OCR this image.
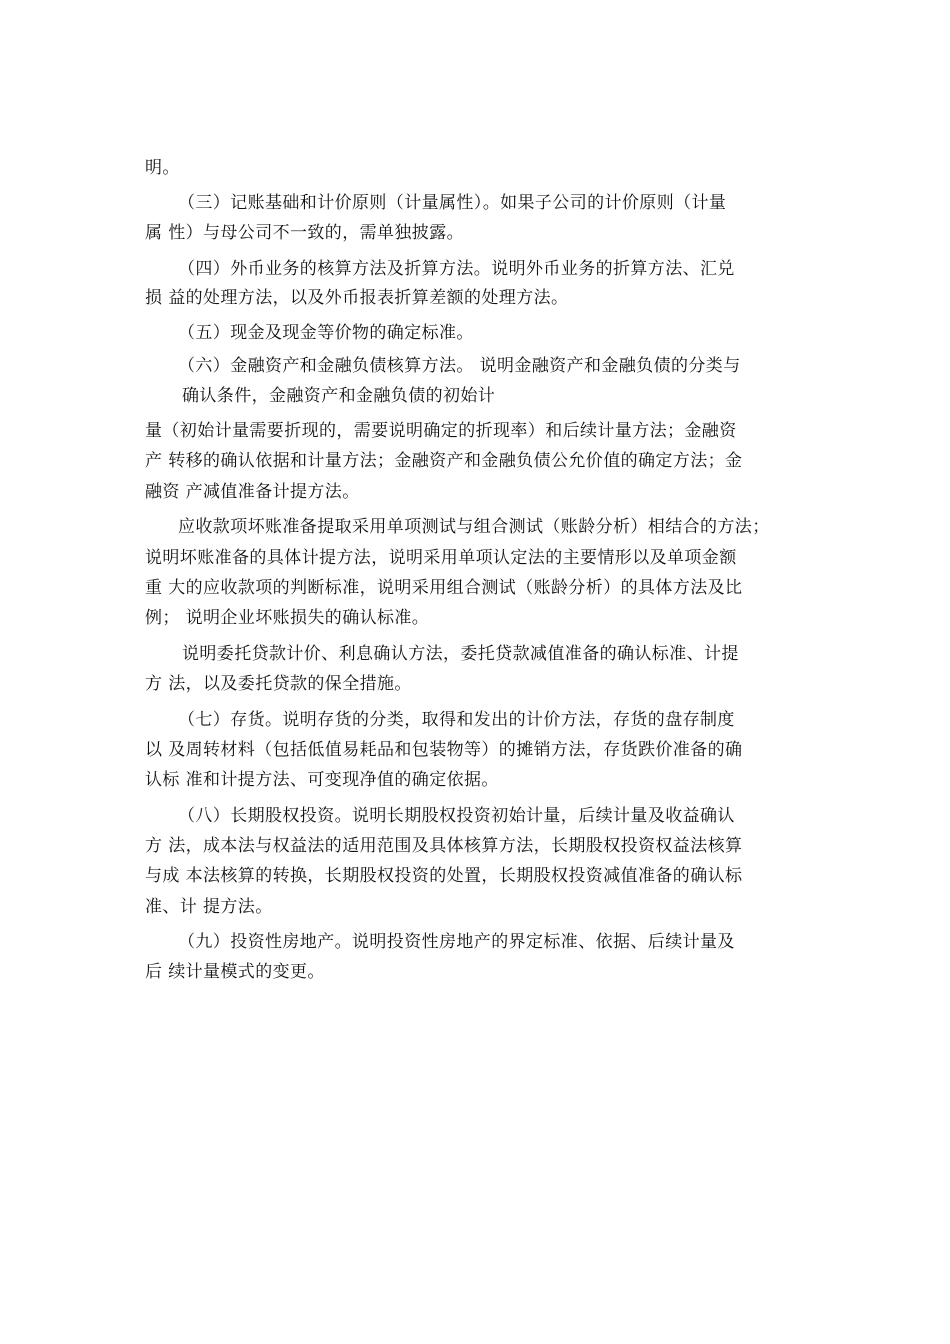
明。
（三）记账基础和计价原则（计量属性）。如果子公司的计价原则（计量
属 性）与母公司不一致的，需单独披露。
（四）外币业务的核算方法及折算方法。说明外币业务的折算方法、汇兑
损 益的处理方法，以及外币报表折算差额的处理方法。
（五）现金及现金等价物的确定标准。
（六）金融资产和金融负债核算方法。 说明金融资产和金融负债的分类与
确认条件，金融资产和金融负债的初始计
量（初始计量需要折现的，需要说明确定的折现率）和后续计量方法；金融资
产 转移的确认依据和计量方法；金融资产和金融负债公允价值的确定方法；金
融资 产减值准备计提方法。
应收款项坏账准备提取采用单项测试与组合测试（账龄分析）相结合的方法；
说明坏账准备的具体计提方法，说明采用单项认定法的主要情形以及单项金额
重 大的应收款项的判断标准，说明采用组合测试（账龄分析）的具体方法及比
例； 说明企业坏账损失的确认标准。
说明委托贷款计价、利息确认方法，委托贷款减值准备的确认标准、计提
方 法，以及委托贷款的保全措施。
（七）存货。说明存货的分类，取得和发出的计价方法，存货的盘存制度
以 及周转材料（包括低值易耗品和包装物等）的摊销方法，存货跌价准备的确
认标 准和计提方法、可变现净值的确定依据。
（八）长期股权投资。说明长期股权投资初始计量，后续计量及收益确认
方 法，成本法与权益法的适用范围及具体核算方法，长期股权投资权益法核算
与成 本法核算的转换，长期股权投资的处置，长期股权投资减值准备的确认标
准、计 提方法。
（九）投资性房地产。说明投资性房地产的界定标准、依据、后续计量及
后 续计量模式的变更。
